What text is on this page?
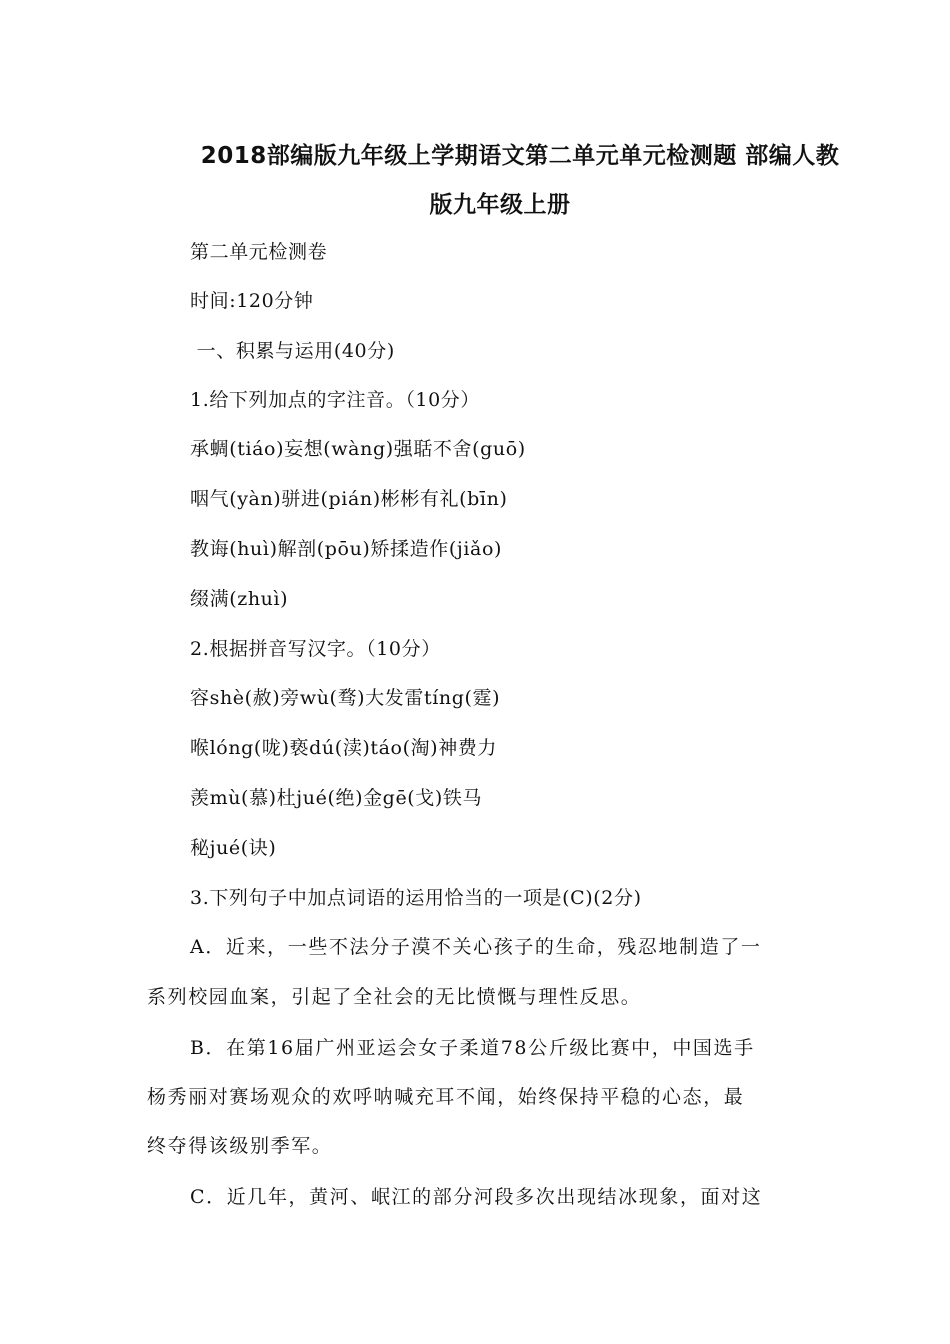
2018部编版九年级上学期语文第二单元单元检测题 部编人教
版九年级上册
第二单元检测卷
时间:120分钟
一、积累与运用(40分)
1.给下列加点的字注音。（10分）
承蜩(tiáo)妄想(wàng)强聒不舍(guō)
咽气(yàn)骈进(pián)彬彬有礼(bīn)
教诲(huì)解剖(pōu)矫揉造作(jiǎo)
缀满(zhuì)
2.根据拼音写汉字。（10分）
容shè(赦)旁wù(骛)大发雷tíng(霆)
喉lóng(咙)亵dú(渎)táo(淘)神费力
羡mù(慕)杜jué(绝)金gē(戈)铁马
秘jué(诀)
3.下列句子中加点词语的运用恰当的一项是(C)(2分)
A．近来，一些不法分子漠不关心孩子的生命，残忍地制造了一
系列校园血案，引起了全社会的无比愤慨与理性反思。
B．在第16届广州亚运会女子柔道78公斤级比赛中，中国选手
杨秀丽对赛场观众的欢呼呐喊充耳不闻，始终保持平稳的心态，最
终夺得该级别季军。
C．近几年，黄河、岷江的部分河段多次出现结冰现象，面对这
